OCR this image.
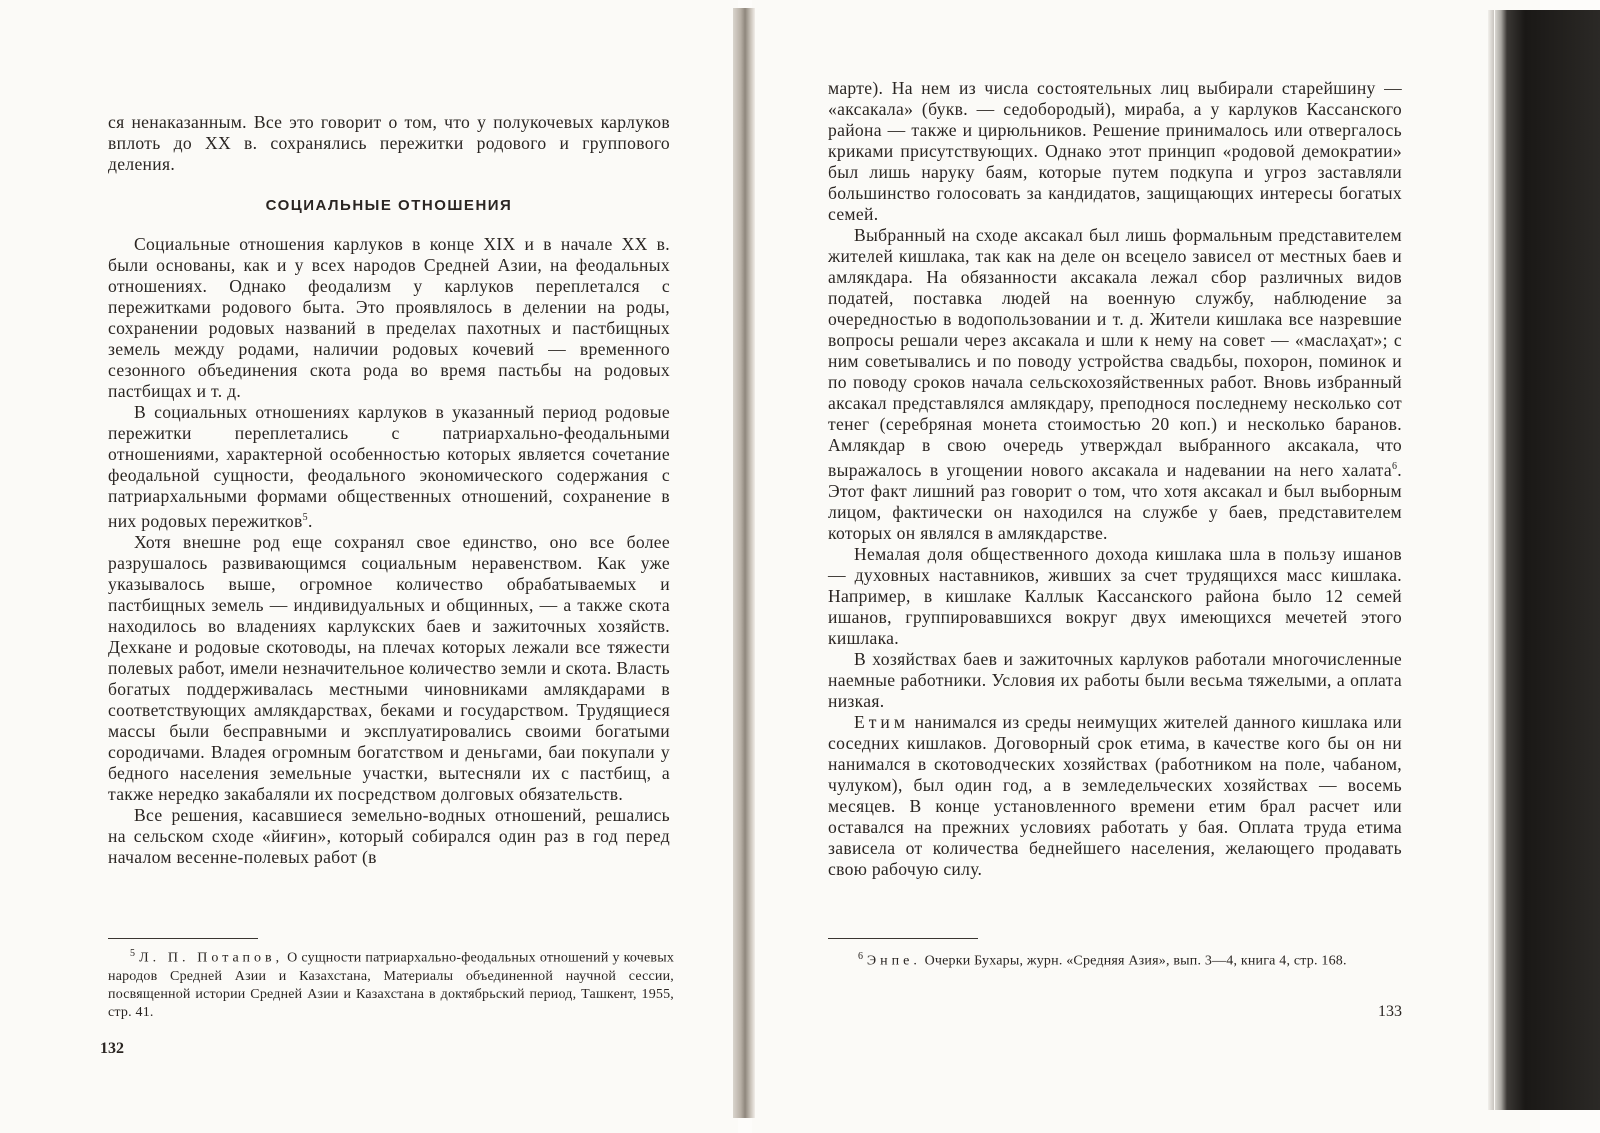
ся ненаказанным. Все это говорит о том, что у полукочевых карлуков вплоть до XX в. сохранялись пережитки родового и группового деления.

СОЦИАЛЬНЫЕ ОТНОШЕНИЯ

Социальные отношения карлуков в конце XIX и в начале XX в. были основаны, как и у всех народов Средней Азии, на феодальных отношениях. Однако феодализм у карлуков переплетался с пережитками родового быта. Это проявлялось в делении на роды, сохранении родовых названий в пределах пахотных и пастбищных земель между родами, наличии родовых кочевий — временного сезонного объединения скота рода во время пастьбы на родовых пастбищах и т. д.

В социальных отношениях карлуков в указанный период родовые пережитки переплетались с патриархально-феодальными отношениями, характерной особенностью которых является сочетание феодальной сущности, феодального экономического содержания с патриархальными формами общественных отношений, сохранение в них родовых пережитков$^5$.

Хотя внешне род еще сохранял свое единство, оно все более разрушалось развивающимся социальным неравенством. Как уже указывалось выше, огромное количество обрабатываемых и пастбищных земель — индивидуальных и общинных, — а также скота находилось во владениях карлукских баев и зажиточных хозяйств. Дехкане и родовые скотоводы, на плечах которых лежали все тяжести полевых работ, имели незначительное количество земли и скота. Власть богатых поддерживалась местными чиновниками амлякдарами в соответствующих амлякдарствах, беками и государством. Трудящиеся массы были бесправными и эксплуатировались своими богатыми сородичами. Владея огромным богатством и деньгами, баи покупали у бедного населения земельные участки, вытесняли их с пастбищ, а также нередко закабаляли их посредством долговых обязательств.

Все решения, касавшиеся земельно-водных отношений, решались на сельском сходе «йиғин», который собирался один раз в год перед началом весенне-полевых работ (в

$^5$ Л. П. Потапов, О сущности патриархально-феодальных отношений у кочевых народов Средней Азии и Казахстана, Материалы объединенной научной сессии, посвященной истории Средней Азии и Казахстана в доктябрьский период, Ташкент, 1955, стр. 41.
132

марте). На нем из числа состоятельных лиц выбирали старейшину — «аксакала» (букв. — седобородый), мираба, а у карлуков Кассанского района — также и цирюльников. Решение принималось или отвергалось криками присутствующих. Однако этот принцип «родовой демократии» был лишь наруку баям, которые путем подкупа и угроз заставляли большинство голосовать за кандидатов, защищающих интересы богатых семей.

Выбранный на сходе аксакал был лишь формальным представителем жителей кишлака, так как на деле он всецело зависел от местных баев и амлякдара. На обязанности аксакала лежал сбор различных видов податей, поставка людей на военную службу, наблюдение за очередностью в водопользовании и т. д. Жители кишлака все назревшие вопросы решали через аксакала и шли к нему на совет — «маслаҳат»; с ним советывались и по поводу устройства свадьбы, похорон, поминок и по поводу сроков начала сельскохозяйственных работ. Вновь избранный аксакал представлялся амлякдару, преподнося последнему несколько сот тенег (серебряная монета стоимостью 20 коп.) и несколько баранов. Амлякдар в свою очередь утверждал выбранного аксакала, что выражалось в угощении нового аксакала и надевании на него халата$^6$. Этот факт лишний раз говорит о том, что хотя аксакал и был выборным лицом, фактически он находился на службе у баев, представителем которых он являлся в амлякдарстве.

Немалая доля общественного дохода кишлака шла в пользу ишанов — духовных наставников, живших за счет трудящихся масс кишлака. Например, в кишлаке Каллык Кассанского района было 12 семей ишанов, группировавшихся вокруг двух имеющихся мечетей этого кишлака.

В хозяйствах баев и зажиточных карлуков работали многочисленные наемные работники. Условия их работы были весьма тяжелыми, а оплата низкая.

Етим нанимался из среды неимущих жителей данного кишлака или соседних кишлаков. Договорный срок етима, в качестве кого бы он ни нанимался в скотоводческих хозяйствах (работником на поле, чабаном, чулуком), был один год, а в земледельческих хозяйствах — восемь месяцев. В конце установленного времени етим брал расчет или оставался на прежних условиях работать у бая. Оплата труда етима зависела от количества беднейшего населения, желающего продавать свою рабочую силу.

$^6$ Энпе. Очерки Бухары, журн. «Средняя Азия», вып. 3—4, книга 4, стр. 168.
133
